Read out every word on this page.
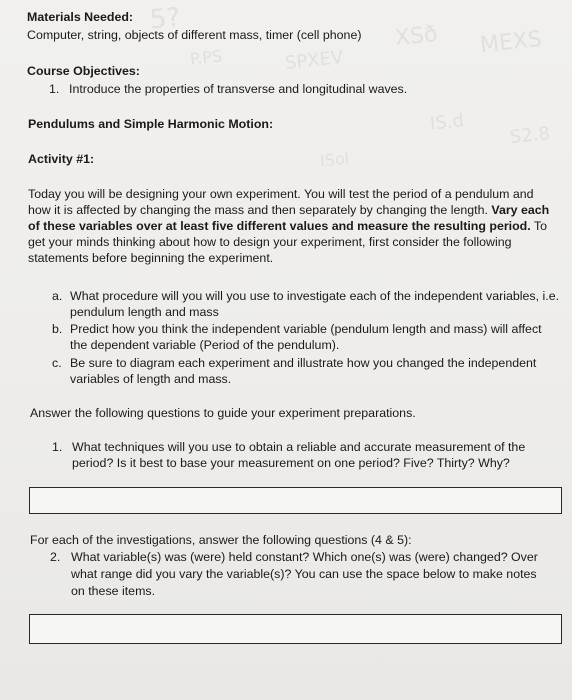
5?
XSð MEXS
P.PS	SPXEV
IS.d
S2.8
ISol
Materials Needed:
Computer, string, objects of different mass, timer (cell phone)
Course Objectives:
1. Introduce the properties of transverse and longitudinal waves.
Pendulums and Simple Harmonic Motion:
Activity #1:
Today you will be designing your own experiment. You will test the period of a pendulum and
how it is affected by changing the mass and then separately by changing the length. Vary each
of these variables over at least five different values and measure the resulting period. To
get your minds thinking about how to design your experiment, first consider the following
statements before beginning the experiment.
a. What procedure will you will you use to investigate each of the independent variables, i.e.
pendulum length and mass
b. Predict how you think the independent variable (pendulum length and mass) will affect
the dependent variable (Period of the pendulum).
c. Be sure to diagram each experiment and illustrate how you changed the independent
variables of length and mass.
Answer the following questions to guide your experiment preparations.
1. What techniques will you use to obtain a reliable and accurate measurement of the
period? Is it best to base your measurement on one period? Five? Thirty? Why?
For each of the investigations, answer the following questions (4 & 5):
2. What variable(s) was (were) held constant? Which one(s) was (were) changed? Over
what range did you vary the variable(s)? You can use the space below to make notes
on these items.
